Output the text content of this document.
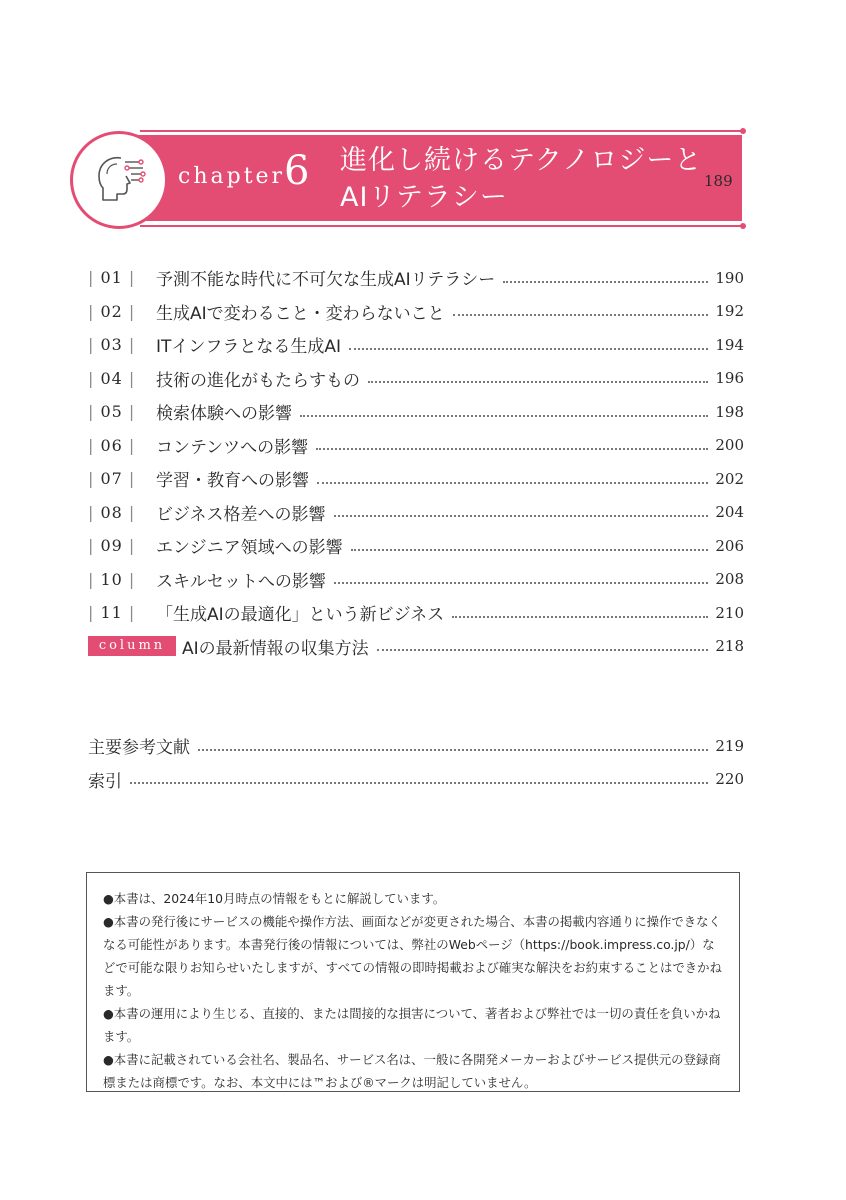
chapter
6 進化し続けるテクノロジーと
AIリテラシー
189
| 01 |	予測不能な時代に不可欠な生成AIリテラシー	190
| 02 |	生成AIで変わること・変わらないこと	192
| 03 |	ITインフラとなる生成AI	194
| 04 |	技術の進化がもたらすもの	196
| 05 |	検索体験への影響	198
| 06 |	コンテンツへの影響	200
| 07 |	学習・教育への影響	202
| 08 |	ビジネス格差への影響	204
| 09 |	エンジニア領域への影響	206
| 10 |	スキルセットへの影響	208
| 11 |	「生成AIの最適化」という新ビジネス	210
column AIの最新情報の収集方法	218
主要参考文献	219
索引	220

●本書は、2024年10月時点の情報をもとに解説しています。

●本書の発行後にサービスの機能や操作方法、画面などが変更された場合、本書の掲載内容通りに操作できなくなる可能性があります。本書発行後の情報については、弊社のWebページ（https://book.impress.co.jp/）などで可能な限りお知らせいたしますが、すべての情報の即時掲載および確実な解決をお約束することはできかねます。

●本書の運用により生じる、直接的、または間接的な損害について、著者および弊社では一切の責任を負いかねます。

●本書に記載されている会社名、製品名、サービス名は、一般に各開発メーカーおよびサービス提供元の登録商標または商標です。なお、本文中には™および®マークは明記していません。
